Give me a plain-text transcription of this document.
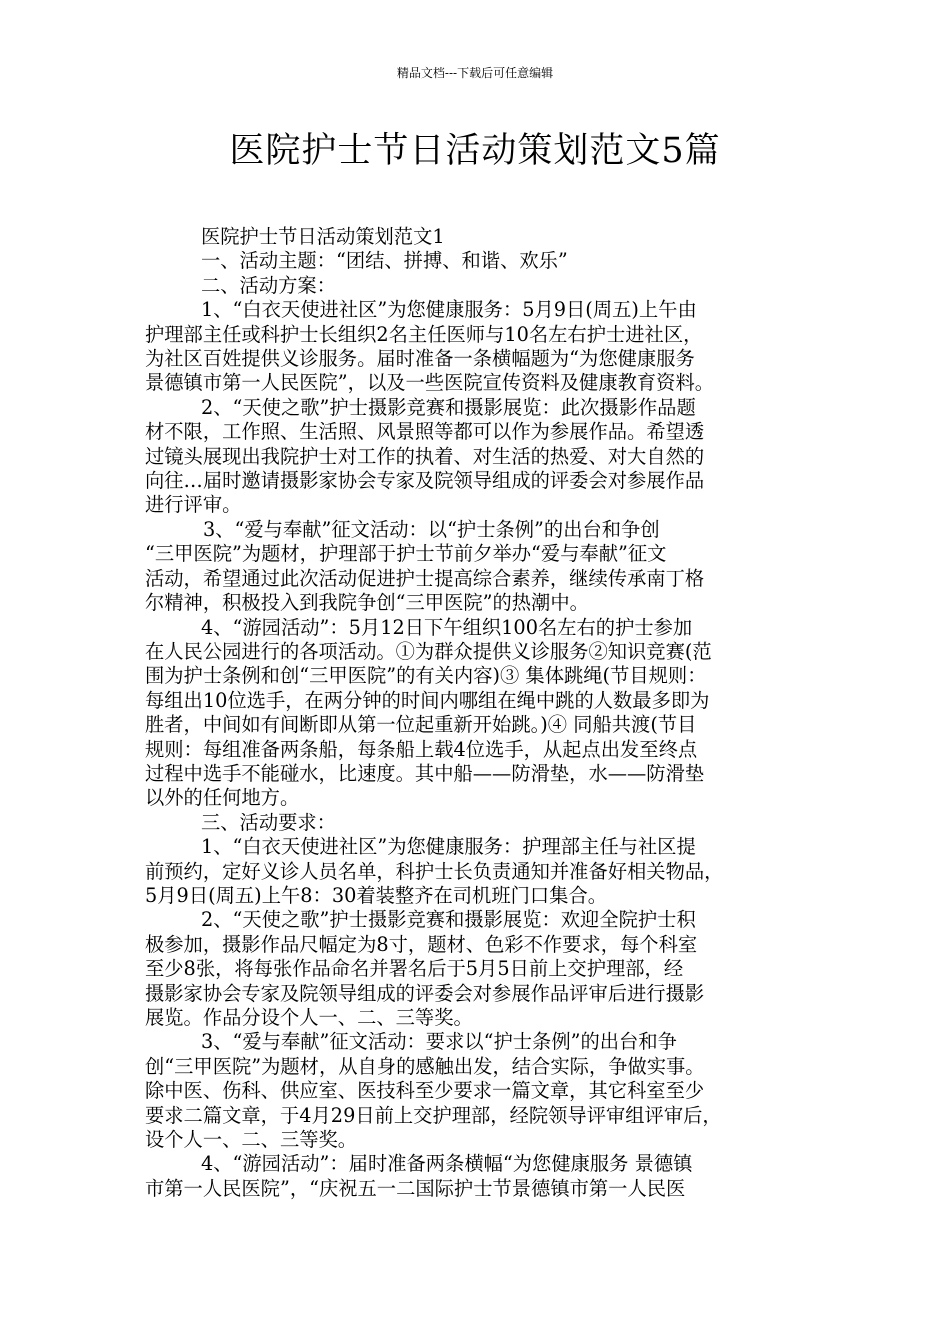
精品文档---下载后可任意编辑
医院护士节日活动策划范文5篇

医院护士节日活动策划范文1

一、活动主题：“团结、拼搏、和谐、欢乐”

二、活动方案：

1、“白衣天使进社区”为您健康服务：5月9日(周五)上午由

护理部主任或科护士长组织2名主任医师与10名左右护士进社区，

为社区百姓提供义诊服务。届时准备一条横幅题为“为您健康服务

景德镇市第一人民医院”，以及一些医院宣传资料及健康教育资料。

2、“天使之歌”护士摄影竞赛和摄影展览：此次摄影作品题

材不限，工作照、生活照、风景照等都可以作为参展作品。希望透

过镜头展现出我院护士对工作的执着、对生活的热爱、对大自然的

向往…届时邀请摄影家协会专家及院领导组成的评委会对参展作品

进行评审。

3、“爱与奉献”征文活动：以“护士条例”的出台和争创

“三甲医院”为题材，护理部于护士节前夕举办“爱与奉献”征文

活动，希望通过此次活动促进护士提高综合素养，继续传承南丁格

尔精神，积极投入到我院争创“三甲医院”的热潮中。

4、“游园活动”：5月12日下午组织100名左右的护士参加

在人民公园进行的各项活动。①为群众提供义诊服务②知识竞赛(范

围为护士条例和创“三甲医院”的有关内容)③ 集体跳绳(节目规则：

每组出10位选手，在两分钟的时间内哪组在绳中跳的人数最多即为

胜者，中间如有间断即从第一位起重新开始跳。)④ 同船共渡(节目

规则：每组准备两条船，每条船上载4位选手，从起点出发至终点

过程中选手不能碰水，比速度。其中船——防滑垫，水——防滑垫

以外的任何地方。

三、活动要求：

1、“白衣天使进社区”为您健康服务：护理部主任与社区提

前预约，定好义诊人员名单，科护士长负责通知并准备好相关物品，

5月9日(周五)上午8：30着装整齐在司机班门口集合。

2、“天使之歌”护士摄影竞赛和摄影展览：欢迎全院护士积

极参加，摄影作品尺幅定为8寸，题材、色彩不作要求，每个科室

至少8张，将每张作品命名并署名后于5月5日前上交护理部，经

摄影家协会专家及院领导组成的评委会对参展作品评审后进行摄影

展览。作品分设个人一、二、三等奖。

3、“爱与奉献”征文活动：要求以“护士条例”的出台和争

创“三甲医院”为题材，从自身的感触出发，结合实际，争做实事。

除中医、伤科、供应室、医技科至少要求一篇文章，其它科室至少

要求二篇文章，于4月29日前上交护理部，经院领导评审组评审后，

设个人一、二、三等奖。

4、“游园活动”：届时准备两条横幅“为您健康服务 景德镇

市第一人民医院”，“庆祝五一二国际护士节景德镇市第一人民医
